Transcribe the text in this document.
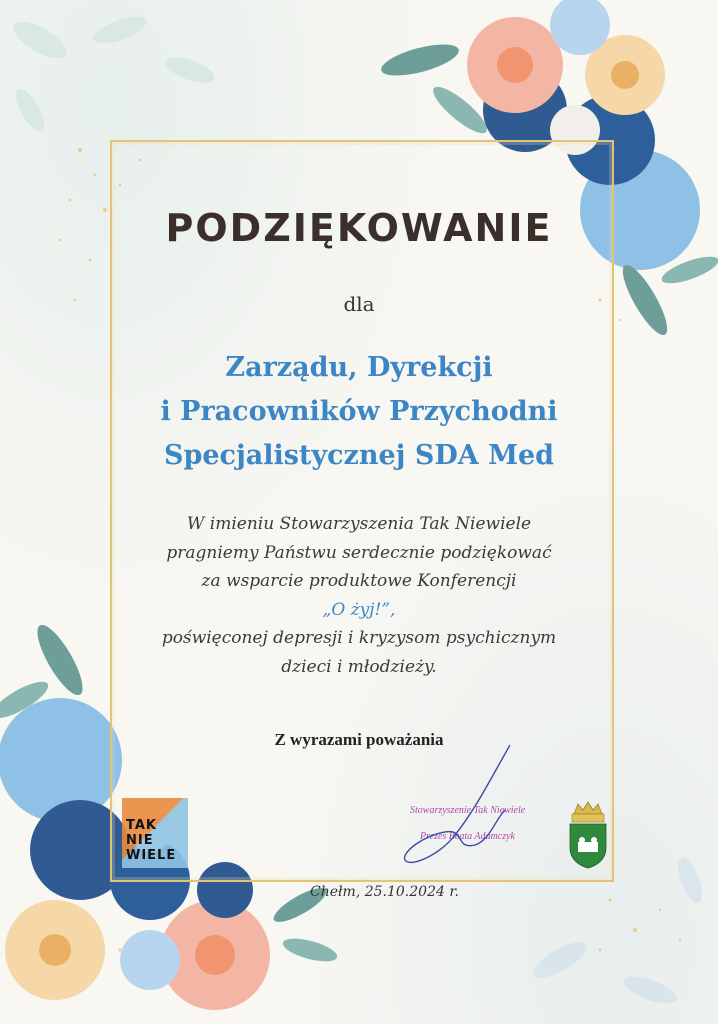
PODZIĘKOWANIE
dla
Zarządu, Dyrekcji
i Pracowników Przychodni
Specjalistycznej SDA Med
W imieniu Stowarzyszenia Tak Niewiele
pragniemy Państwu serdecznie podziękować
za wsparcie produktowe Konferencji
„O żyj!”,
poświęconej depresji i kryzysom psychicznym
dzieci i młodzieży.
Z wyrazami poważania
Stowarzyszenie Tak Niewiele
Prezes Beata Adamczyk
TAK
NIE
WIELE
Chełm, 25.10.2024 r.
